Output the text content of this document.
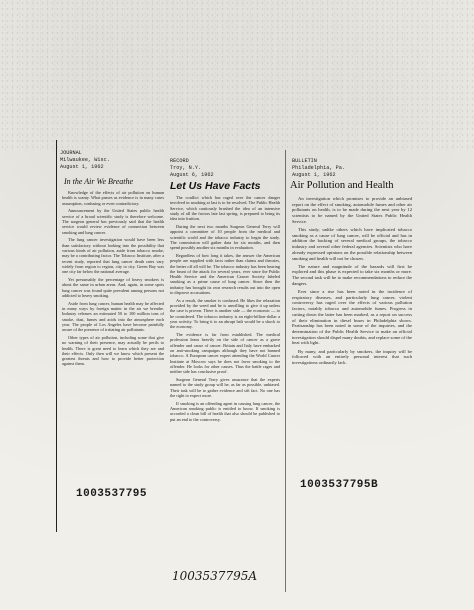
JOURNAL
Milwaukee, Wisc.
August 1, 1962
In the Air We Breathe

Knowledge of the effects of air pollution on human health is scanty. What passes as evidence is in many cases assumption, confusing or even contradictory.

Announcement by the United States public health service of a broad scientific study is therefore welcome. The surgeon general has previously said that the health service would review evidence of connection between smoking and lung cancer.

The lung cancer investigation would have been less than satisfactory without looking into the possibility that various kinds of air pollution, aside from tobacco smoke, may be a contributing factor. The Tobacco Institute, after a recent study, reported that lung cancer death rates vary widely from region to region, city to city. Green Bay was one city far below the national average.

Yet presumably the percentage of heavy smokers is about the same in urban areas. And, again, in some spots lung cancer was found quite prevalent among persons not addicted to heavy smoking.

Aside from lung cancer, human health may be affected in many ways by foreign matter in the air we breathe. Industry releases an estimated 50 to 100 million tons of smoke, dust, fumes and acids into the atmosphere each year. The people of Los Angeles have become painfully aware of the presence of irritating air pollutants.

Other types of air pollution, including some that give no warning of their presence, may actually be perils to health. There is great need to learn which they are and their effects. Only then will we know which present the greatest threats and how to provide better protection against them.

1003537795
RECORD
Troy, N.Y.
August 6, 1962
Let Us Have Facts

The conflict which has raged over the cancer danger involved in smoking at last is to be resolved. The Public Health Service, which cautiously brushed the idea of an intensive study of all the factors late last spring, is prepared to bring its idea into fruition.

During the next two months Surgeon General Terry will appoint a committee of 10 people from the medical and scientific world and the tobacco industry to begin the study. The commission will gather data for six months, and then spend possibly another six months in evaluation.

Regardless of how long it takes, the answer the American people are supplied with facts rather than claims and theories, the better off all will be. The tobacco industry has been bearing the brunt of the attack for several years, ever since the Public Health Service and the American Cancer Society labeled smoking as a prime cause of lung cancer. Since then the industry has brought its own research results out into the open to disprove accusations.

As a result, the smoker is confused. He likes the relaxation provided by the weed and he is unwilling to give it up unless the case is proven. There is another side — the economic — to be considered. The tobacco industry is an eight-billion-dollar a year activity. To bring it to an abrupt halt would be a shock to the economy.

The evidence is far from established. The medical profession leans heavily on the side of cancer as a grave offender and cause of cancer. Britain and Italy have embarked on anti-smoking campaigns although they have not banned tobacco. A European cancer expert attending the World Cancer Institute at Moscow says he does not favor smoking to the offender. He looks for other causes. Thus the battle rages and neither side has conclusive proof.

Surgeon General Terry gives assurance that the experts named to the study group will be, as far as possible, unbiased. Their task will be to gather evidence and sift fact. No one has the right to expect more.

If smoking is an offending agent in causing lung cancer, the American smoking public is entitled to know. If smoking is accorded a clean bill of health that also should be published to put an end to the controversy.

1003537795A
BULLETIN
Philadelphia, Pa.
August 1, 1962
Air Pollution and Health

An investigation which promises to provide an unbiased report on the effect of smoking, automobile fumes and other air pollutants on health, is to be made during the next year by 12 scientists to be named by the United States Public Health Service.

This study, unlike others which have implicated tobacco smoking as a cause of lung cancer, will be official and has in addition the backing of several medical groups, the tobacco industry and several other federal agencies. Scientists who have already expressed opinions on the possible relationship between smoking and health will not be chosen.

The nature and magnitude of the hazards will first be explored and this phase is expected to take six months or more. The second task will be to make recommendations to reduce the dangers.

Ever since a rise has been noted in the incidence of respiratory diseases, and particularly lung cancer, violent controversy has raged over the effects of various pollution factors, notably tobacco and automobile fumes. Progress in cutting down the latter has been marked, as a report on success of their elimination in diesel buses in Philadelphia shows. Partisanship has been noted in some of the inquiries, and the determination of the Public Health Service to make an official investigation should dispel many doubts, and replace some of the heat with light.

By many, and particularly by smokers, the inquiry will be followed with an entirely personal interest that such investigations ordinarily lack.

1003537795B
